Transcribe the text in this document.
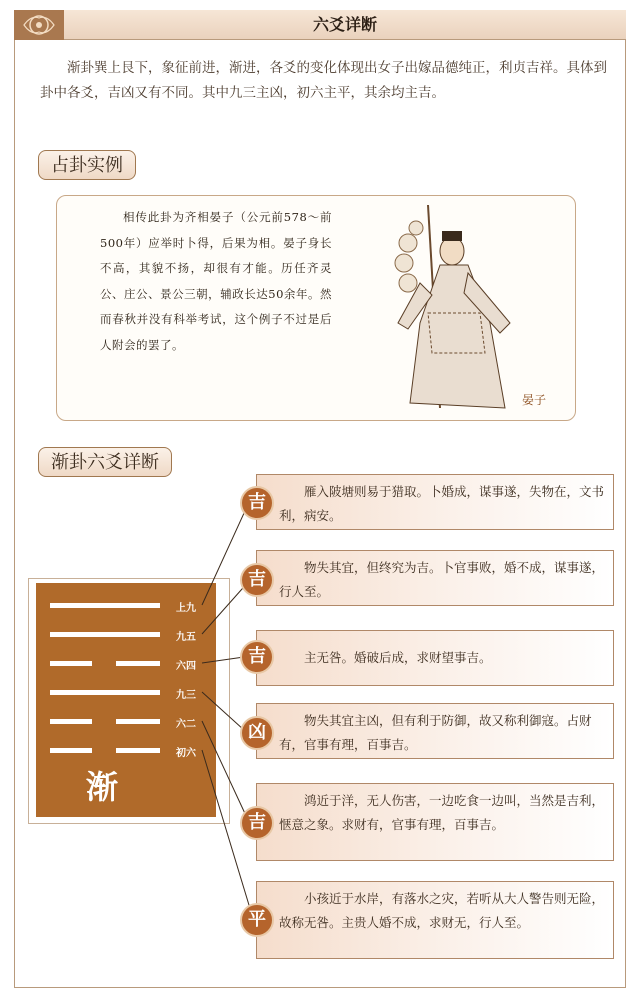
六爻详断

渐卦巽上艮下，象征前进，渐进，各爻的变化体现出女子出嫁品德纯正，利贞吉祥。具体到卦中各爻，吉凶又有不同。其中九三主凶，初六主平，其余均主吉。

占卦实例

相传此卦为齐相晏子（公元前578～前500年）应举时卜得，后果为相。晏子身长不高，其貌不扬，却很有才能。历任齐灵公、庄公、景公三朝，辅政长达50余年。然而春秋并没有科举考试，这个例子不过是后人附会的罢了。

晏子
渐卦六爻详断
上九
九五
六四
九三
六二
初六
渐
雁入陂塘则易于猎取。卜婚成，谋事遂，失物在，文书利，病安。
物失其宜，但终究为吉。卜官事败，婚不成，谋事遂，行人至。
主无咎。婚破后成，求财望事吉。
物失其宜主凶，但有利于防御，故又称利御寇。占财有，官事有理，百事吉。
鸿近于洋，无人伤害，一边吃食一边叫，当然是吉利，惬意之象。求财有，官事有理，百事吉。
小孩近于水岸，有落水之灾，若听从大人警告则无险，故称无咎。主贵人婚不成，求财无，行人至。
吉
吉
吉
凶
吉
平
